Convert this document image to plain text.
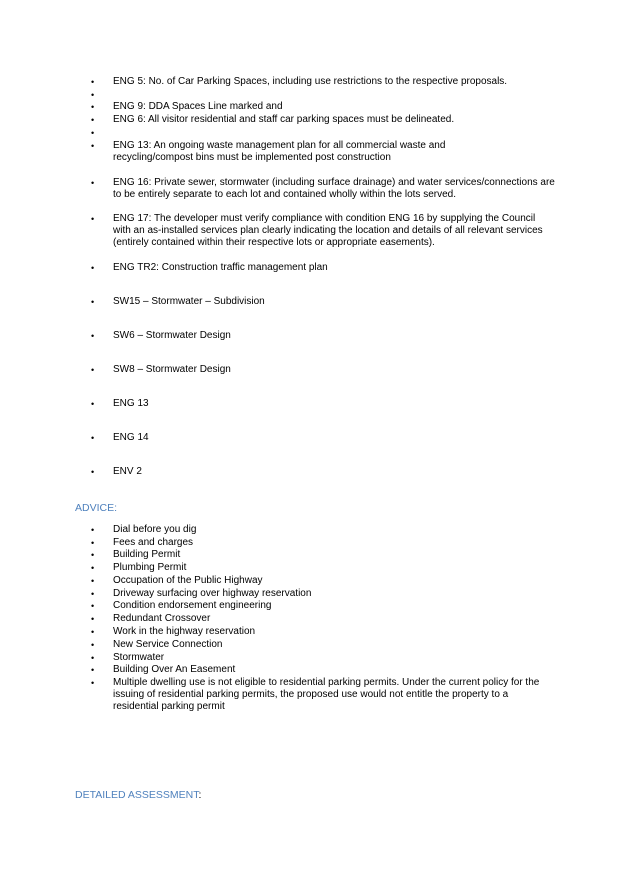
• ENG 5: No. of Car Parking Spaces, including use restrictions to the respective proposals.
•
• ENG 9: DDA Spaces Line marked and
• ENG 6: All visitor residential and staff car parking spaces must be delineated.
•
• ENG 13: An ongoing waste management plan for all commercial waste and recycling/compost bins must be implemented post construction
• ENG 16: Private sewer, stormwater (including surface drainage) and water services/connections are to be entirely separate to each lot and contained wholly within the lots served.
• ENG 17: The developer must verify compliance with condition ENG 16 by supplying the Council with an as-installed services plan clearly indicating the location and details of all relevant services (entirely contained within their respective lots or appropriate easements).
• ENG TR2: Construction traffic management plan
• SW15 – Stormwater – Subdivision
• SW6 – Stormwater Design
• SW8 – Stormwater Design
• ENG 13
• ENG 14
• ENV 2
ADVICE:
• Dial before you dig
• Fees and charges
• Building Permit
• Plumbing Permit
• Occupation of the Public Highway
• Driveway surfacing over highway reservation
• Condition endorsement engineering
• Redundant Crossover
• Work in the highway reservation
• New Service Connection
• Stormwater
• Building Over An Easement
• Multiple dwelling use is not eligible to residential parking permits. Under the current policy for the issuing of residential parking permits, the proposed use would not entitle the property to a residential parking permit
DETAILED ASSESSMENT:
